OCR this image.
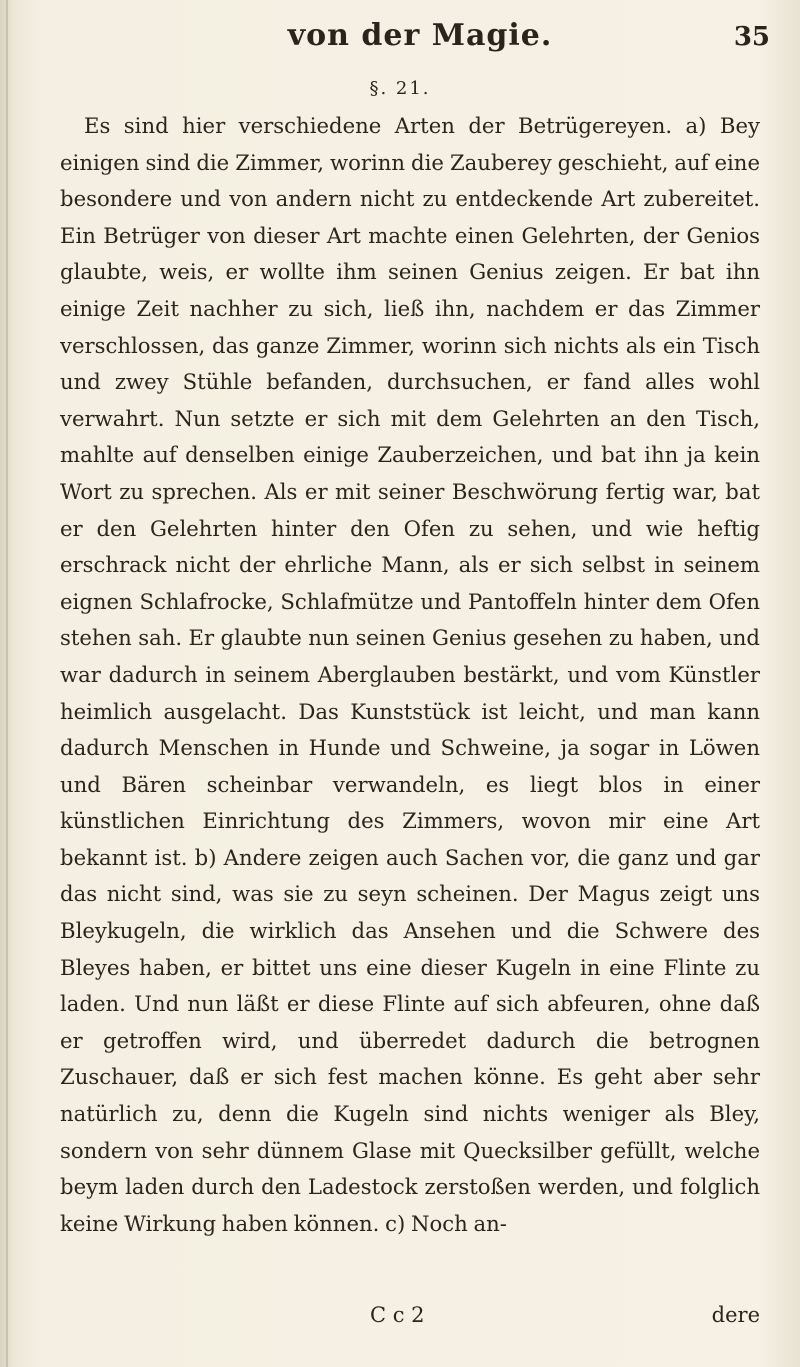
von der Magie.	35
§. 21.
Es sind hier verschiedene Arten der Betrügereyen. a) Bey einigen sind die Zimmer, worinn die Zauberey geschieht, auf eine besondere und von andern nicht zu entdeckende Art zubereitet. Ein Betrüger von dieser Art machte einen Gelehrten, der Genios glaubte, weis, er wollte ihm seinen Genius zeigen. Er bat ihn einige Zeit nachher zu sich, ließ ihn, nachdem er das Zimmer verschlossen, das ganze Zimmer, worinn sich nichts als ein Tisch und zwey Stühle befanden, durchsuchen, er fand alles wohl verwahrt. Nun setzte er sich mit dem Gelehrten an den Tisch, mahlte auf denselben einige Zauberzeichen, und bat ihn ja kein Wort zu sprechen. Als er mit seiner Beschwörung fertig war, bat er den Gelehrten hinter den Ofen zu sehen, und wie heftig erschrack nicht der ehrliche Mann, als er sich selbst in seinem eignen Schlafrocke, Schlafmütze und Pantoffeln hinter dem Ofen stehen sah. Er glaubte nun seinen Genius gesehen zu haben, und war dadurch in seinem Aberglauben bestärkt, und vom Künstler heimlich ausgelacht. Das Kunststück ist leicht, und man kann dadurch Menschen in Hunde und Schweine, ja sogar in Löwen und Bären scheinbar verwandeln, es liegt blos in einer künstlichen Einrichtung des Zimmers, wovon mir eine Art bekannt ist. b) Andere zeigen auch Sachen vor, die ganz und gar das nicht sind, was sie zu seyn scheinen. Der Magus zeigt uns Bleykugeln, die wirklich das Ansehen und die Schwere des Bleyes haben, er bittet uns eine dieser Kugeln in eine Flinte zu laden. Und nun läßt er diese Flinte auf sich abfeuren, ohne daß er getroffen wird, und überredet dadurch die betrognen Zuschauer, daß er sich fest machen könne. Es geht aber sehr natürlich zu, denn die Kugeln sind nichts weniger als Bley, sondern von sehr dünnem Glase mit Quecksilber gefüllt, welche beym laden durch den Ladestock zerstoßen werden, und folglich keine Wirkung haben können. c) Noch an-
C c 2	dere
